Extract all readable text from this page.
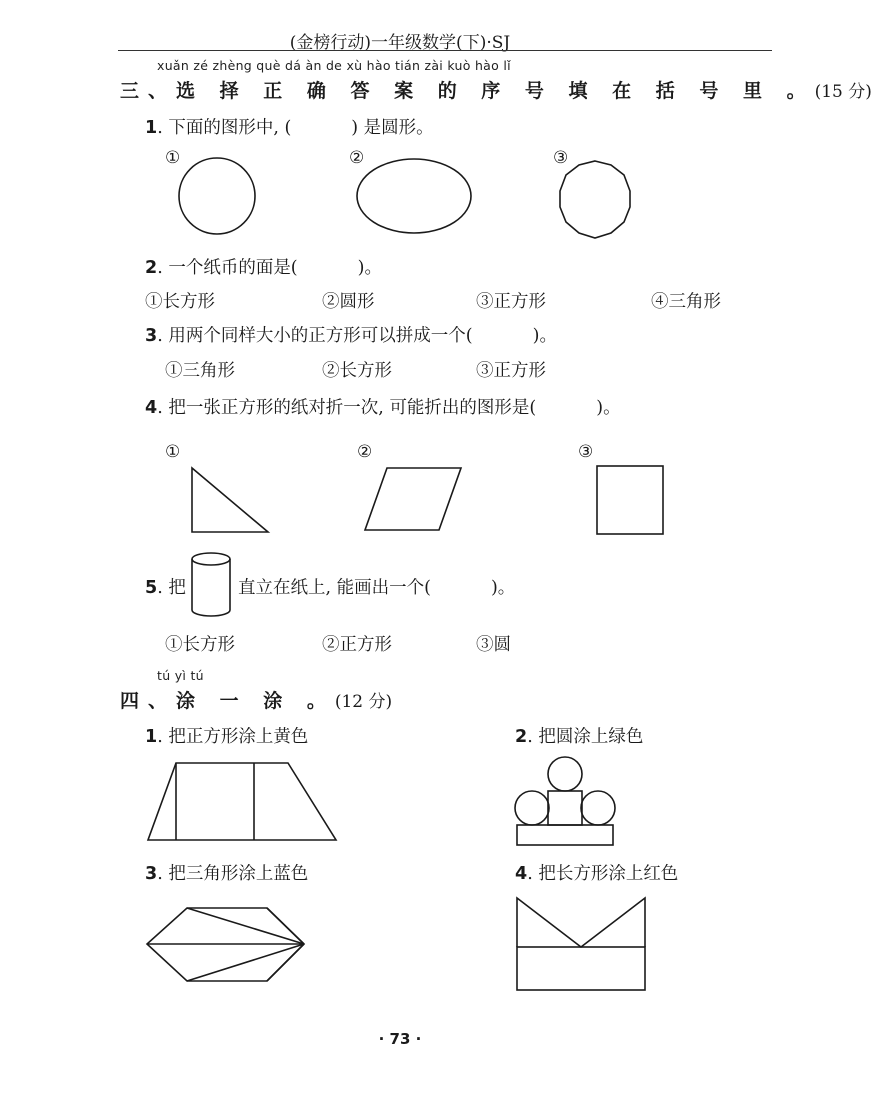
(金榜行动)一年级数学(下)·SJ
xuǎn zé zhèng què dá àn de xù hào tián zài kuò hào lǐ
三、选 择 正 确 答 案 的 序 号 填 在 括 号 里 。(15 分)
1. 下面的图形中, (	) 是圆形。
①	②	③
2. 一个纸币的面是(	)。
①长方形	②圆形	③正方形	④三角形
3. 用两个同样大小的正方形可以拼成一个(	)。
①三角形	②长方形	③正方形
4. 把一张正方形的纸对折一次, 可能折出的图形是(	)。
①	②	③
5. 把	直立在纸上, 能画出一个(	)。
①长方形	②正方形	③圆
tú yì tú
四、涂 一 涂 。(12 分)
1. 把正方形涂上黄色	2. 把圆涂上绿色
3. 把三角形涂上蓝色	4. 把长方形涂上红色
· 73 ·
